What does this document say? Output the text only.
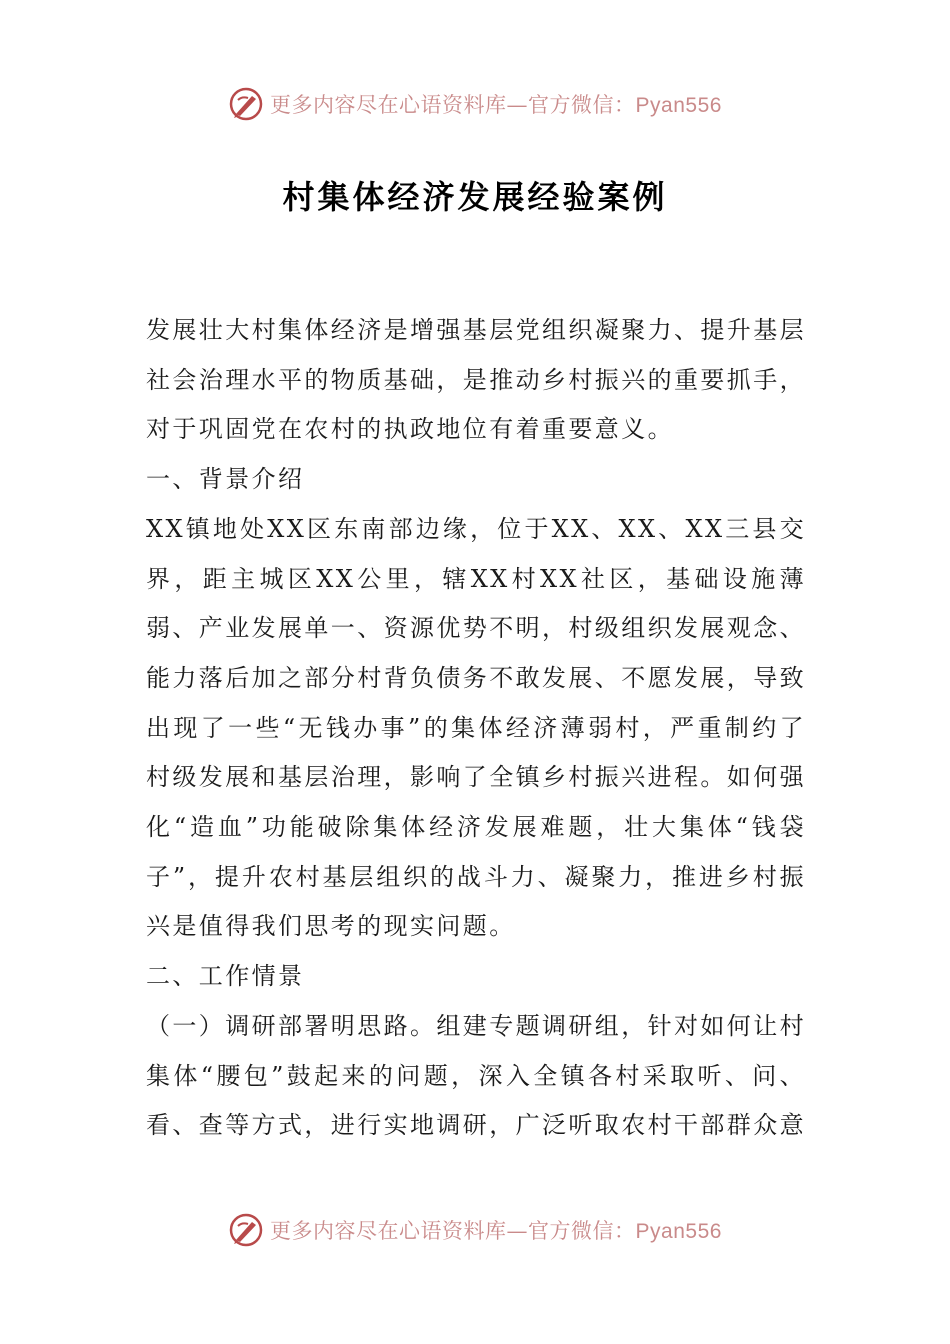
更多内容尽在心语资料库—官方微信：Pyan556
村集体经济发展经验案例

发展壮大村集体经济是增强基层党组织凝聚力、提升基层社会治理水平的物质基础，是推动乡村振兴的重要抓手，对于巩固党在农村的执政地位有着重要意义。

一、背景介绍

XX镇地处XX区东南部边缘，位于XX、XX、XX三县交界，距主城区XX公里，辖XX村XX社区，基础设施薄弱、产业发展单一、资源优势不明，村级组织发展观念、能力落后加之部分村背负债务不敢发展、不愿发展，导致出现了一些“无钱办事”的集体经济薄弱村，严重制约了村级发展和基层治理，影响了全镇乡村振兴进程。如何强化“造血”功能破除集体经济发展难题，壮大集体“钱袋子”，提升农村基层组织的战斗力、凝聚力，推进乡村振兴是值得我们思考的现实问题。

二、工作情景

（一）调研部署明思路。组建专题调研组，针对如何让村集体“腰包”鼓起来的问题，深入全镇各村采取听、问、看、查等方式，进行实地调研，广泛听取农村干部群众意

更多内容尽在心语资料库—官方微信：Pyan556
